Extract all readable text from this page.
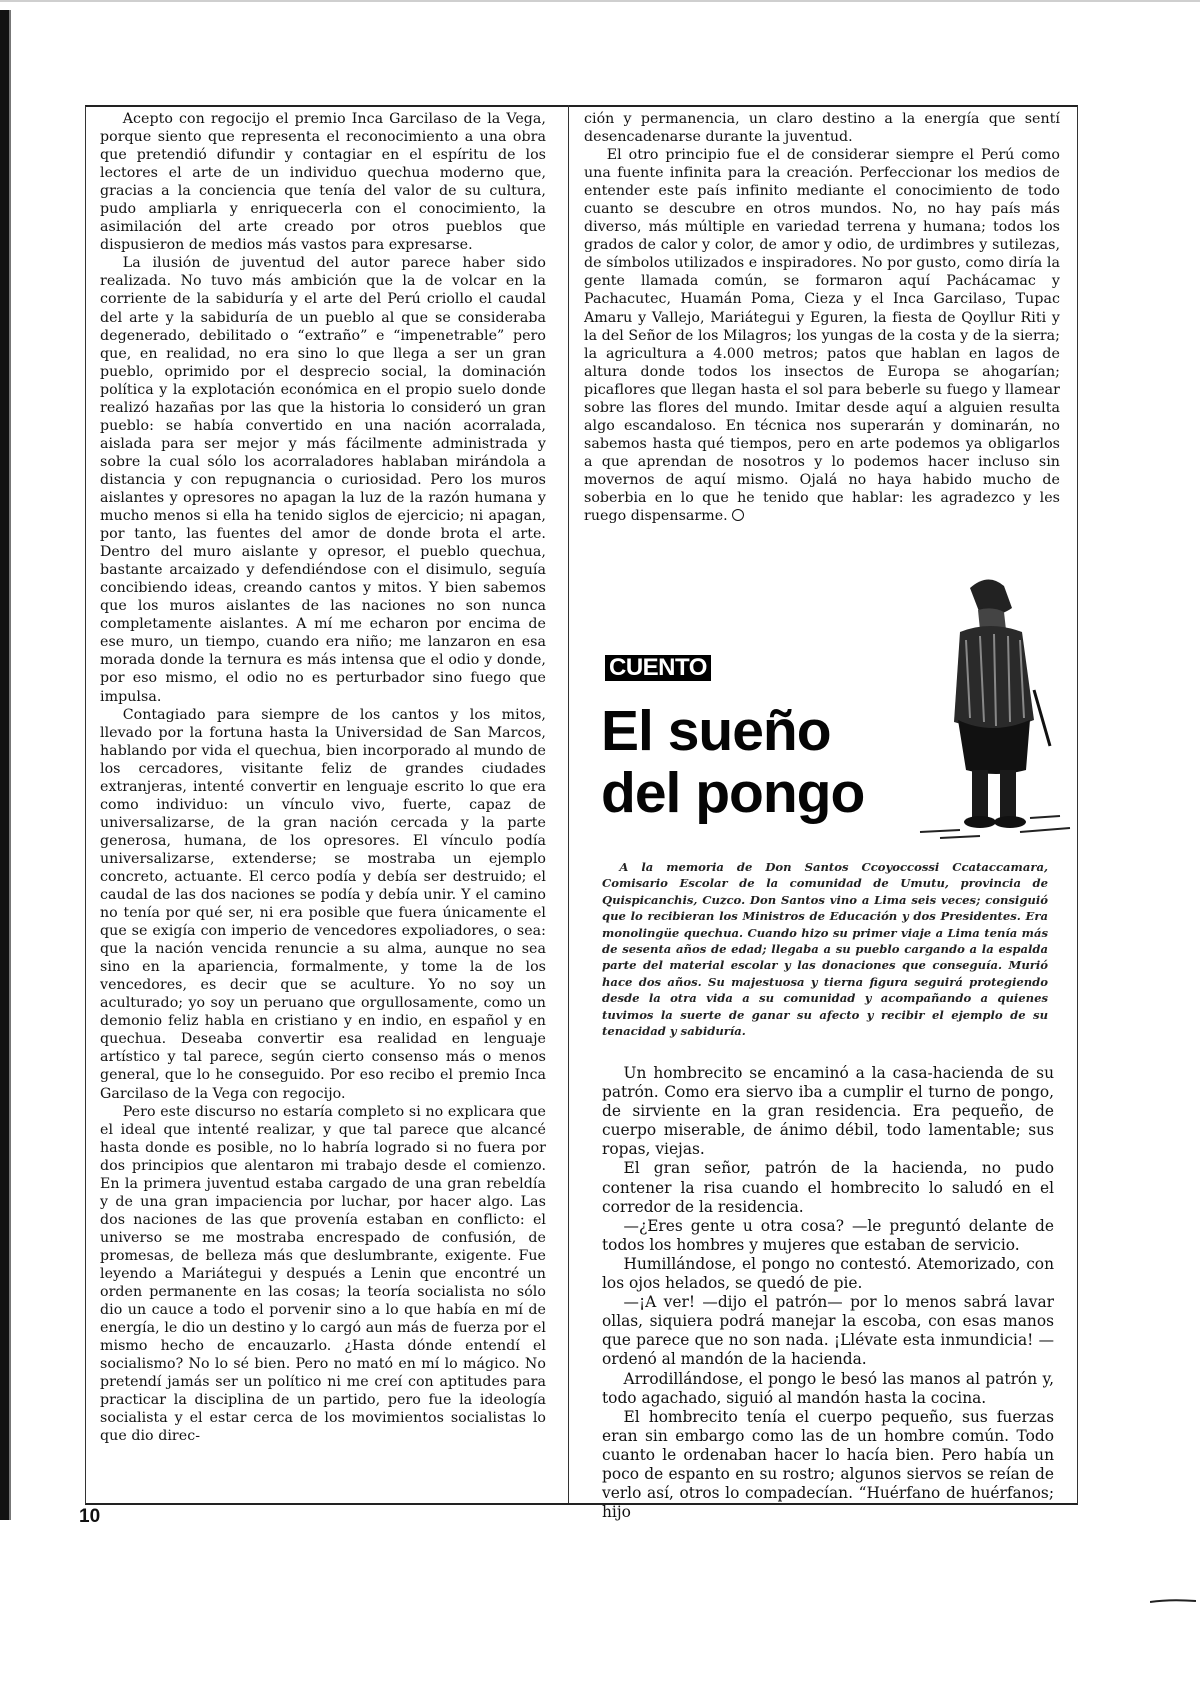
Acepto con regocijo el premio Inca Garcilaso de la Vega, porque siento que representa el reconocimiento a una obra que pretendió difundir y contagiar en el espíritu de los lectores el arte de un individuo quechua moderno que, gracias a la conciencia que tenía del valor de su cultura, pudo ampliarla y enriquecerla con el conocimiento, la asimilación del arte creado por otros pueblos que dispusieron de medios más vastos para expresarse.

La ilusión de juventud del autor parece haber sido realizada. No tuvo más ambición que la de volcar en la corriente de la sabiduría y el arte del Perú criollo el caudal del arte y la sabiduría de un pueblo al que se consideraba degenerado, debilitado o “extraño” e “impenetrable” pero que, en realidad, no era sino lo que llega a ser un gran pueblo, oprimido por el desprecio social, la dominación política y la explotación económica en el propio suelo donde realizó hazañas por las que la historia lo consideró un gran pueblo: se había convertido en una nación acorralada, aislada para ser mejor y más fácilmente administrada y sobre la cual sólo los acorraladores hablaban mirándola a distancia y con repugnancia o curiosidad. Pero los muros aislantes y opresores no apagan la luz de la razón humana y mucho menos si ella ha tenido siglos de ejercicio; ni apagan, por tanto, las fuentes del amor de donde brota el arte. Dentro del muro aislante y opresor, el pueblo quechua, bastante arcaizado y defendiéndose con el disimulo, seguía concibiendo ideas, creando cantos y mitos. Y bien sabemos que los muros aislantes de las naciones no son nunca completamente aislantes. A mí me echaron por encima de ese muro, un tiempo, cuando era niño; me lanzaron en esa morada donde la ternura es más intensa que el odio y donde, por eso mismo, el odio no es perturbador sino fuego que impulsa.

Contagiado para siempre de los cantos y los mitos, llevado por la fortuna hasta la Universidad de San Marcos, hablando por vida el quechua, bien incorporado al mundo de los cercadores, visitante feliz de grandes ciudades extranjeras, intenté convertir en lenguaje escrito lo que era como individuo: un vínculo vivo, fuerte, capaz de universalizarse, de la gran nación cercada y la parte generosa, humana, de los opresores. El vínculo podía universalizarse, extenderse; se mostraba un ejemplo concreto, actuante. El cerco podía y debía ser destruido; el caudal de las dos naciones se podía y debía unir. Y el camino no tenía por qué ser, ni era posible que fuera únicamente el que se exigía con imperio de vencedores expoliadores, o sea: que la nación vencida renuncie a su alma, aunque no sea sino en la apariencia, formalmente, y tome la de los vencedores, es decir que se aculture. Yo no soy un aculturado; yo soy un peruano que orgullosamente, como un demonio feliz habla en cristiano y en indio, en español y en quechua. Deseaba convertir esa realidad en lenguaje artístico y tal parece, según cierto consenso más o menos general, que lo he conseguido. Por eso recibo el premio Inca Garcilaso de la Vega con regocijo.

Pero este discurso no estaría completo si no explicara que el ideal que intenté realizar, y que tal parece que alcancé hasta donde es posible, no lo habría logrado si no fuera por dos principios que alentaron mi trabajo desde el comienzo. En la primera juventud estaba cargado de una gran rebeldía y de una gran impaciencia por luchar, por hacer algo. Las dos naciones de las que provenía estaban en conflicto: el universo se me mostraba encrespado de confusión, de promesas, de belleza más que deslumbrante, exigente. Fue leyendo a Mariátegui y después a Lenin que encontré un orden permanente en las cosas; la teoría socialista no sólo dio un cauce a todo el porvenir sino a lo que había en mí de energía, le dio un destino y lo cargó aun más de fuerza por el mismo hecho de encauzarlo. ¿Hasta dónde entendí el socialismo? No lo sé bien. Pero no mató en mí lo mágico. No pretendí jamás ser un político ni me creí con aptitudes para practicar la disciplina de un partido, pero fue la ideología socialista y el estar cerca de los movimientos socialistas lo que dio direc-

ción y permanencia, un claro destino a la energía que sentí desencadenarse durante la juventud.

El otro principio fue el de considerar siempre el Perú como una fuente infinita para la creación. Perfeccionar los medios de entender este país infinito mediante el conocimiento de todo cuanto se descubre en otros mundos. No, no hay país más diverso, más múltiple en variedad terrena y humana; todos los grados de calor y color, de amor y odio, de urdimbres y sutilezas, de símbolos utilizados e inspiradores. No por gusto, como diría la gente llamada común, se formaron aquí Pachácamac y Pachacutec, Huamán Poma, Cieza y el Inca Garcilaso, Tupac Amaru y Vallejo, Mariátegui y Eguren, la fiesta de Qoyllur Riti y la del Señor de los Milagros; los yungas de la costa y de la sierra; la agricultura a 4.000 metros; patos que hablan en lagos de altura donde todos los insectos de Europa se ahogarían; picaflores que llegan hasta el sol para beberle su fuego y llamear sobre las flores del mundo. Imitar desde aquí a alguien resulta algo escandaloso. En técnica nos superarán y dominarán, no sabemos hasta qué tiempos, pero en arte podemos ya obligarlos a que aprendan de nosotros y lo podemos hacer incluso sin movernos de aquí mismo. Ojalá no haya habido mucho de soberbia en lo que he tenido que hablar: les agradezco y les ruego dispensarme.

CUENTO
El sueño
del pongo

A la memoria de Don Santos Ccoyoccossi Ccataccamara, Comisario Escolar de la comunidad de Umutu, provincia de Quispicanchis, Cuzco. Don Santos vino a Lima seis veces; consiguió que lo recibieran los Ministros de Educación y dos Presidentes. Era monolingüe quechua. Cuando hizo su primer viaje a Lima tenía más de sesenta años de edad; llegaba a su pueblo cargando a la espalda parte del material escolar y las donaciones que conseguía. Murió hace dos años. Su majestuosa y tierna figura seguirá protegiendo desde la otra vida a su comunidad y acompañando a quienes tuvimos la suerte de ganar su afecto y recibir el ejemplo de su tenacidad y sabiduría.

Un hombrecito se encaminó a la casa-hacienda de su patrón. Como era siervo iba a cumplir el turno de pongo, de sirviente en la gran residencia. Era pequeño, de cuerpo miserable, de ánimo débil, todo lamentable; sus ropas, viejas.

El gran señor, patrón de la hacienda, no pudo contener la risa cuando el hombrecito lo saludó en el corredor de la residencia.

—¿Eres gente u otra cosa? —le preguntó delante de todos los hombres y mujeres que estaban de servicio.

Humillándose, el pongo no contestó. Atemorizado, con los ojos helados, se quedó de pie.

—¡A ver! —dijo el patrón— por lo menos sabrá lavar ollas, siquiera podrá manejar la escoba, con esas manos que parece que no son nada. ¡Llévate esta inmundicia! —ordenó al mandón de la hacienda.

Arrodillándose, el pongo le besó las manos al patrón y, todo agachado, siguió al mandón hasta la cocina.

El hombrecito tenía el cuerpo pequeño, sus fuerzas eran sin embargo como las de un hombre común. Todo cuanto le ordenaban hacer lo hacía bien. Pero había un poco de espanto en su rostro; algunos siervos se reían de verlo así, otros lo compadecían. “Huérfano de huérfanos; hijo

10
